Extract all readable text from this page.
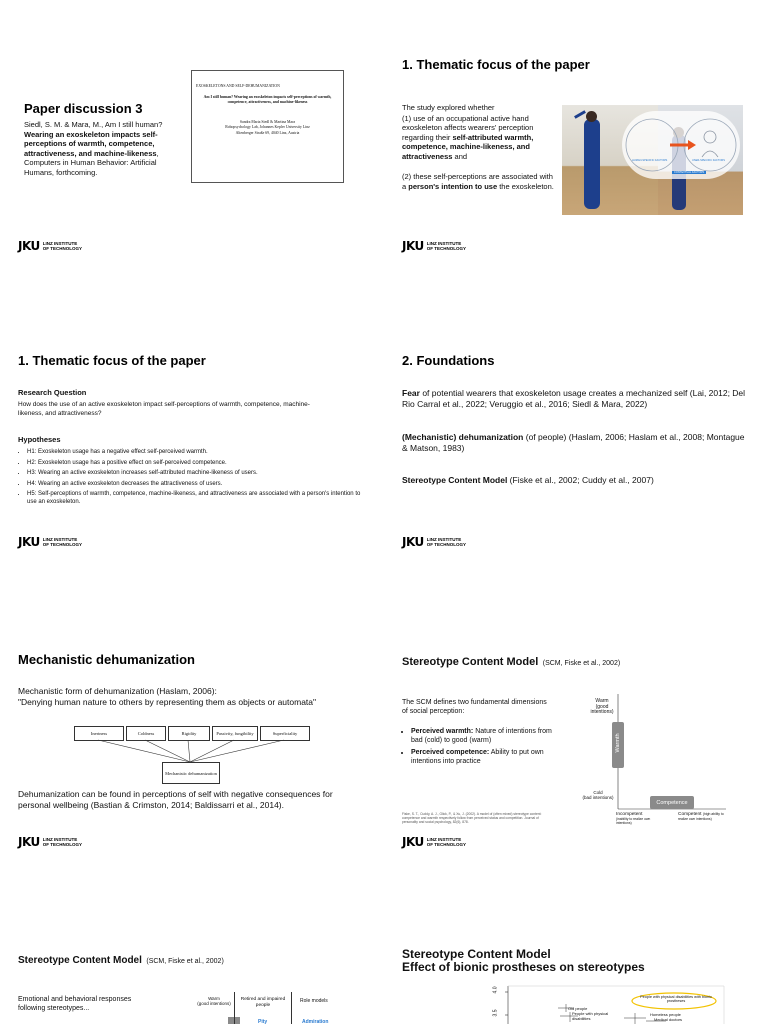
Paper discussion 3
Siedl, S. M. & Mara, M., Am I still human? Wearing an exoskeleton impacts self-perceptions of warmth, competence, attractiveness, and machine-likeness, Computers in Human Behavior: Artificial Humans, forthcoming.
EXOSKELETONS AND SELF-DEHUMANIZATION
Am I still human? Wearing an exoskeleton impacts self-perceptions of warmth, competence, attractiveness, and machine-likeness
Sandra Maria Siedl & Martina Mara
Robopsychology Lab, Johannes Kepler University Linz
Altenberger Straße 69, 4040 Linz, Austria
JKU LINZ INSTITUTE
OF TECHNOLOGY
1. Thematic focus of the paper
The study explored whether
(1) use of an occupational active hand exoskeleton affects wearers' perception regarding their self-attributed warmth, competence, machine-likeness, and attractiveness and
(2) these self-perceptions are associated with a person's intention to use the exoskeleton.
HUMAN-SPECIFIC FACTORS	USER-SPECIFIC FACTORS
CONTEXTUAL FACTORS
JKU LINZ INSTITUTE
OF TECHNOLOGY
1. Thematic focus of the paper
Research Question
How does the use of an active exoskeleton impact self-perceptions of warmth, competence, machine-likeness, and attractiveness?
Hypotheses
• H1: Exoskeleton usage has a negative effect self-perceived warmth.
• H2: Exoskeleton usage has a positive effect on self-perceived competence.
• H3: Wearing an active exoskeleton increases self-attributed machine-likeness of users.
• H4: Wearing an active exoskeleton decreases the attractiveness of users.
• H5: Self-perceptions of warmth, competence, machine-likeness, and attractiveness are associated with a person's intention to use an exoskeleton.
JKU LINZ INSTITUTE
OF TECHNOLOGY
2. Foundations
Fear of potential wearers that exoskeleton usage creates a mechanized self (Lai, 2012; Del Rio Carral et al., 2022; Veruggio et al., 2016; Siedl & Mara, 2022)
(Mechanistic) dehumanization (of people) (Haslam, 2006; Haslam et al., 2008; Montague & Matson, 1983)
Stereotype Content Model (Fiske et al., 2002; Cuddy et al., 2007)
JKU LINZ INSTITUTE
OF TECHNOLOGY
Mechanistic dehumanization
Mechanistic form of dehumanization (Haslam, 2006):
"Denying human nature to others by representing them as objects or automata"
Inertness	Coldness	Rigidity	Passivity, fungibility	Superficiality
Mechanistic dehumanization
Dehumanization can be found in perceptions of self with negative consequences for personal wellbeing (Bastian & Crimston, 2014; Baldissarri et al., 2014).
JKU LINZ INSTITUTE
OF TECHNOLOGY
Stereotype Content Model (SCM, Fiske et al., 2002)
The SCM defines two fundamental dimensions of social perception:
• Perceived warmth: Nature of intentions from bad (cold) to good (warm)
• Perceived competence: Ability to put own intentions into practice
Fiske, S. T., Cuddy, A. J., Glick, P., & Xu, J. (2002). A model of (often mixed) stereotype content: competence and warmth respectively follow from perceived status and competition. Journal of personality and social psychology, 82(6), 878.
Warm
(good intentions)
Warmth
Cold
(bad intentions)
Competence
Incompetent
(inability to realize own intentions)
Competent (high ability to realize own intentions)
JKU LINZ INSTITUTE
OF TECHNOLOGY
Stereotype Content Model (SCM, Fiske et al., 2002)
Emotional and behavioral responses following stereotypes...
Warm
(good intentions)
Retired and impaired people
Role models
Pity	Admiration
Stereotype Content Model
Effect of bionic prostheses on stereotypes
4.0
3.5
People with physical disabilities with bionic prostheses
Old people
People with physical disabilities
Homeless people
Medical doctors
